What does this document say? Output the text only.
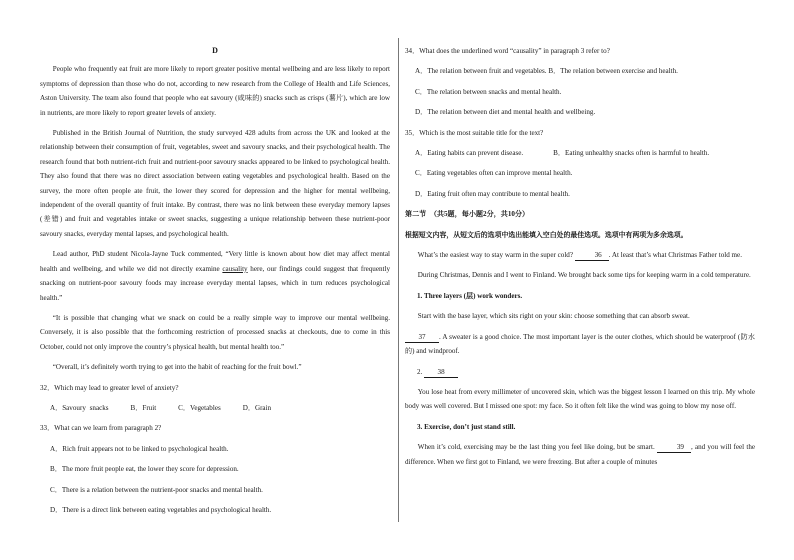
D

People who frequently eat fruit are more likely to report greater positive mental wellbeing and are less likely to report symptoms of depression than those who do not, according to new research from the College of Health and Life Sciences, Aston University. The team also found that people who eat savoury (咸味的) snacks such as crisps (薯片), which are low in nutrients, are more likely to report greater levels of anxiety.

Published in the British Journal of Nutrition, the study surveyed 428 adults from across the UK and looked at the relationship between their consumption of fruit, vegetables, sweet and savoury snacks, and their psychological health. The research found that both nutrient-rich fruit and nutrient-poor savoury snacks appeared to be linked to psychological health. They also found that there was no direct association between eating vegetables and psychological health. Based on the survey, the more often people ate fruit, the lower they scored for depression and the higher for mental wellbeing, independent of the overall quantity of fruit intake. By contrast, there was no link between these everyday memory lapses (差错) and fruit and vegetables intake or sweet snacks, suggesting a unique relationship between these nutrient-poor savoury snacks, everyday mental lapses, and psychological health.

Lead author, PhD student Nicola-Jayne Tuck commented, “Very little is known about how diet may affect mental health and wellbeing, and while we did not directly examine causality here, our findings could suggest that frequently snacking on nutrient-poor savoury foods may increase everyday mental lapses, which in turn reduces psychological health.”

“It is possible that changing what we snack on could be a really simple way to improve our mental wellbeing. Conversely, it is also possible that the forthcoming restriction of processed snacks at checkouts, due to come in this October, could not only improve the country’s physical health, but mental health too.”

“Overall, it’s definitely worth trying to get into the habit of reaching for the fruit bowl.”

32．Which may lead to greater level of anxiety?
A．Savoury snacks	B．Fruit	C．Vegetables	D．Grain
33．What can we learn from paragraph 2?
A．Rich fruit appears not to be linked to psychological health.
B．The more fruit people eat, the lower they score for depression.
C．There is a relation between the nutrient-poor snacks and mental health.
D．There is a direct link between eating vegetables and psychological health.
34．What does the underlined word “causality” in paragraph 3 refer to?
A．The relation between fruit and vegetables. B．The relation between exercise and health.
C．The relation between snacks and mental health.
D．The relation between diet and mental health and wellbeing.
35．Which is the most suitable title for the text?
A．Eating habits can prevent disease.	B．Eating unhealthy snacks often is harmful to health.
C．Eating vegetables often can improve mental health.
D．Eating fruit often may contribute to mental health.
第二节　（共5题，每小题2分，共10分）
根据短文内容，从短文后的选项中选出能填入空白处的最佳选项。选项中有两项为多余选项。

What’s the easiest way to stay warm in the super cold?	36 . At least that’s what Christmas Father told me.

During Christmas, Dennis and I went to Finland. We brought back some tips for keeping warm in a cold temperature.

1. Three layers (层) work wonders.

Start with the base layer, which sits right on your skin: choose something that can absorb sweat.

37 . A sweater is a good choice. The most important layer is the outer clothes, which should be waterproof (防水的) and windproof.

2. 38

You lose heat from every millimeter of uncovered skin, which was the biggest lesson I learned on this trip. My whole body was well covered. But I missed one spot: my face. So it often felt like the wind was going to blow my nose off.

3. Exercise, don’t just stand still.

When it’s cold, exercising may be the last thing you feel like doing, but be smart.	39 , and you will feel the difference. When we first got to Finland, we were freezing. But after a couple of minutes
